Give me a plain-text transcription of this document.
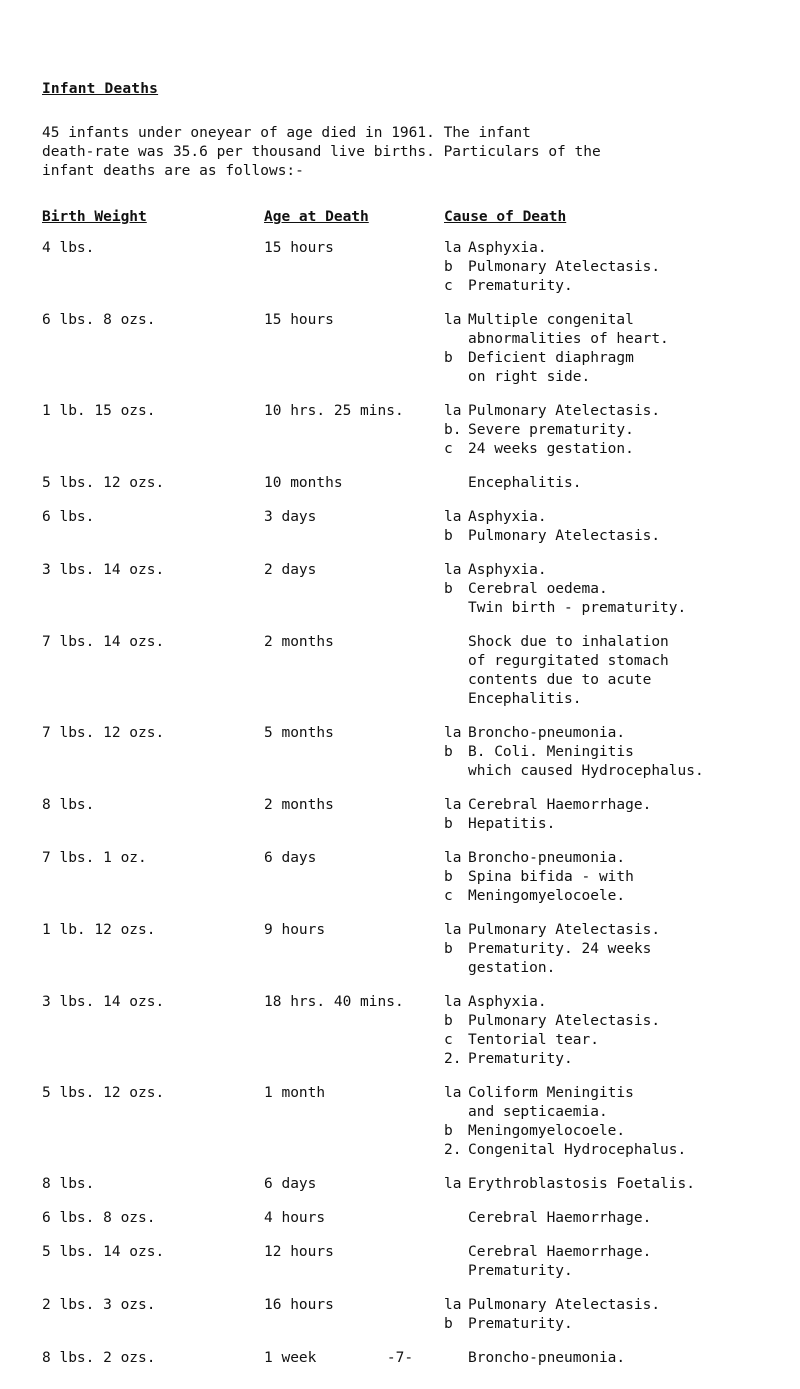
Infant Deaths
45 infants under oneyear of age died in 1961. The infant
death-rate was 35.6 per thousand live births. Particulars of the
infant deaths are as follows:-
Birth Weight	Age at Death	Cause of Death
4 lbs.	15 hours	la Asphyxia.
b	Pulmonary Atelectasis.
c	Prematurity.
6 lbs. 8 ozs.	15 hours	la Multiple congenital
abnormalities of heart.
b	Deficient diaphragm
on right side.
1 lb. 15 ozs.	10 hrs. 25 mins.	la Pulmonary Atelectasis.
b. Severe prematurity.
c	24 weeks gestation.
5 lbs. 12 ozs.	10 months	Encephalitis.
6 lbs.	3 days	la Asphyxia.
b	Pulmonary Atelectasis.
3 lbs. 14 ozs.	2 days	la Asphyxia.
b	Cerebral oedema.
Twin birth - prematurity.
7 lbs. 14 ozs.	2 months	Shock due to inhalation
of regurgitated stomach
contents due to acute
Encephalitis.
7 lbs. 12 ozs.	5 months	la Broncho-pneumonia.
b	B. Coli. Meningitis
which caused Hydrocephalus.
8 lbs.	2 months	la Cerebral Haemorrhage.
b	Hepatitis.
7 lbs. 1 oz.	6 days	la Broncho-pneumonia.
b	Spina bifida - with
c	Meningomyelocoele.
1 lb. 12 ozs.	9 hours	la Pulmonary Atelectasis.
b	Prematurity. 24 weeks
gestation.
3 lbs. 14 ozs.	18 hrs. 40 mins.	la Asphyxia.
b	Pulmonary Atelectasis.
c	Tentorial tear.
2. Prematurity.
5 lbs. 12 ozs.	1 month	la Coliform Meningitis
and septicaemia.
b	Meningomyelocoele.
2. Congenital Hydrocephalus.
8 lbs.	6 days	la Erythroblastosis Foetalis.
6 lbs. 8 ozs.	4 hours	Cerebral Haemorrhage.
5 lbs. 14 ozs.	12 hours	Cerebral Haemorrhage.
Prematurity.
2 lbs. 3 ozs.	16 hours	la Pulmonary Atelectasis.
b	Prematurity.
8 lbs. 2 ozs.	1 week	Broncho-pneumonia.
-7-
